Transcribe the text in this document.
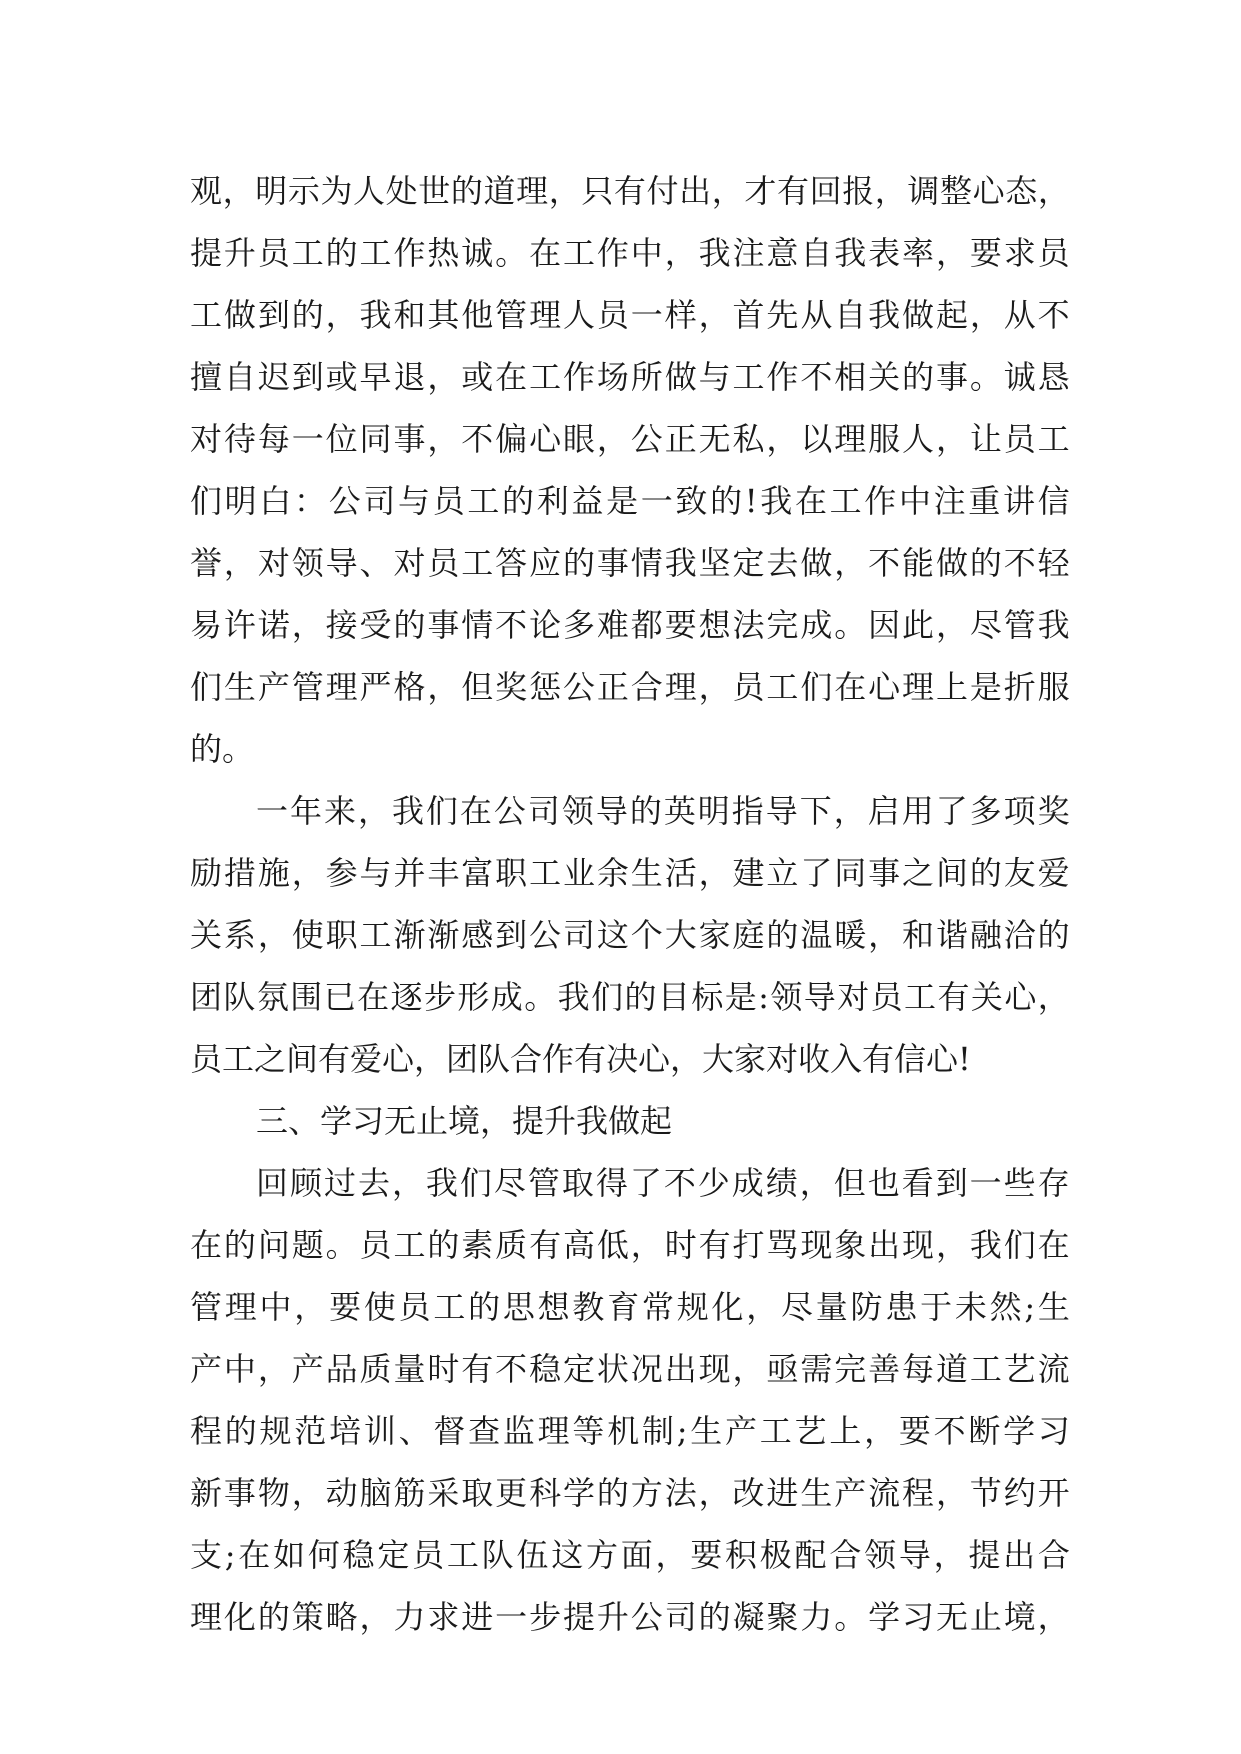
观 ， 明 示 为 人 处 世 的 道 理 ， 只 有 付 出 ， 才 有 回 报 ， 调 整 心 态 ，
提 升 员 工 的 工 作 热 诚 。 在 工 作 中 ， 我 注 意 自 我 表 率 ， 要 求 员
工 做 到 的 ， 我 和 其 他 管 理 人 员 一 样 ， 首 先 从 自 我 做 起 ， 从 不
擅 自 迟 到 或 早 退 ， 或 在 工 作 场 所 做 与 工 作 不 相 关 的 事 。 诚 恳
对 待 每 一 位 同 事 ， 不 偏 心 眼 ， 公 正 无 私 ， 以 理 服 人 ， 让 员 工
们 明 白 ： 公 司 与 员 工 的 利 益 是 一 致 的 ! 我 在 工 作 中 注 重 讲 信
誉 ， 对 领 导 、 对 员 工 答 应 的 事 情 我 坚 定 去 做 ， 不 能 做 的 不 轻
易 许 诺 ， 接 受 的 事 情 不 论 多 难 都 要 想 法 完 成 。 因 此 ， 尽 管 我
们 生 产 管 理 严 格 ， 但 奖 惩 公 正 合 理 ， 员 工 们 在 心 理 上 是 折 服
的。
一 年 来 ， 我 们 在 公 司 领 导 的 英 明 指 导 下 ， 启 用 了 多 项 奖
励 措 施 ， 参 与 并 丰 富 职 工 业 余 生 活 ， 建 立 了 同 事 之 间 的 友 爱
关 系 ， 使 职 工 渐 渐 感 到 公 司 这 个 大 家 庭 的 温 暖 ， 和 谐 融 洽 的
团 队 氛 围 已 在 逐 步 形 成 。 我 们 的 目 标 是 : 领 导 对 员 工 有 关 心 ，
员工之间有爱心，团队合作有决心，大家对收入有信心!
三、学习无止境，提升我做起
回 顾 过 去 ， 我 们 尽 管 取 得 了 不 少 成 绩 ， 但 也 看 到 一 些 存
在 的 问 题 。 员 工 的 素 质 有 高 低 ， 时 有 打 骂 现 象 出 现 ， 我 们 在
管 理 中 ， 要 使 员 工 的 思 想 教 育 常 规 化 ， 尽 量 防 患 于 未 然 ; 生
产 中 ， 产 品 质 量 时 有 不 稳 定 状 况 出 现 ， 亟 需 完 善 每 道 工 艺 流
程 的 规 范 培 训 、 督 查 监 理 等 机 制 ; 生 产 工 艺 上 ， 要 不 断 学 习
新 事 物 ， 动 脑 筋 采 取 更 科 学 的 方 法 ， 改 进 生 产 流 程 ， 节 约 开
支 ; 在 如 何 稳 定 员 工 队 伍 这 方 面 ， 要 积 极 配 合 领 导 ， 提 出 合
理 化 的 策 略 ， 力 求 进 一 步 提 升 公 司 的 凝 聚 力 。 学 习 无 止 境 ，
